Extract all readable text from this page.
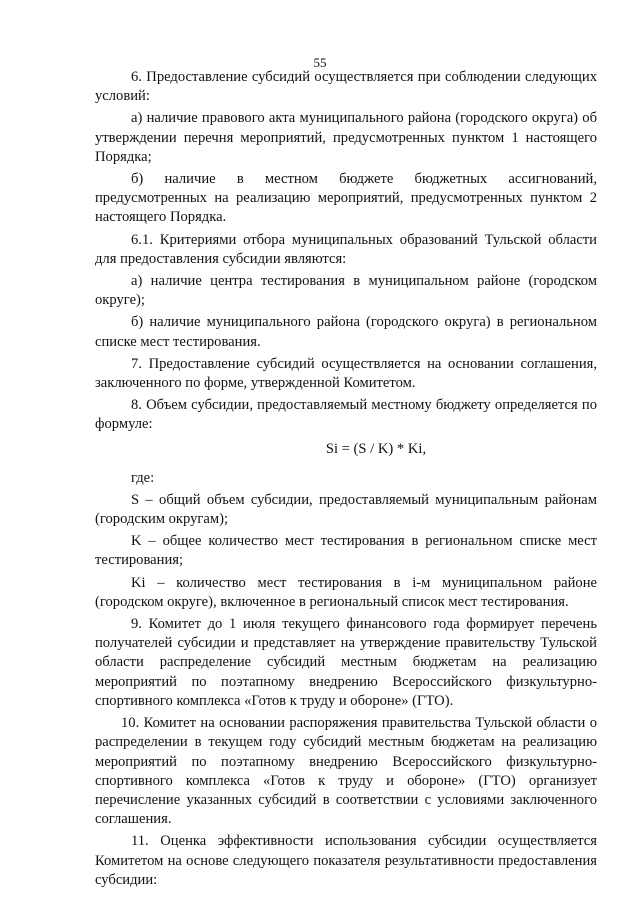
55

6. Предоставление субсидий осуществляется при соблюдении следующих условий:

а) наличие правового акта муниципального района (городского округа) об утверждении перечня мероприятий, предусмотренных пунктом 1 настоящего Порядка;

б) наличие в местном бюджете бюджетных ассигнований, предусмотренных на реализацию мероприятий, предусмотренных пунктом 2 настоящего Порядка.

6.1. Критериями отбора муниципальных образований Тульской области для предоставления субсидии являются:

а) наличие центра тестирования в муниципальном районе (городском округе);

б) наличие муниципального района (городского округа) в региональном списке мест тестирования.

7. Предоставление субсидий осуществляется на основании соглашения, заключенного по форме, утвержденной Комитетом.

8. Объем субсидии, предоставляемый местному бюджету определяется по формуле:

Si = (S / K) * Ki,

где:

S – общий объем субсидии, предоставляемый муниципальным районам (городским округам);

K – общее количество мест тестирования в региональном списке мест тестирования;

Ki – количество мест тестирования в i-м муниципальном районе (городском округе), включенное в региональный список мест тестирования.

9. Комитет до 1 июля текущего финансового года формирует перечень получателей субсидии и представляет на утверждение правительству Тульской области распределение субсидий местным бюджетам на реализацию мероприятий по поэтапному внедрению Всероссийского физкультурно-спортивного комплекса «Готов к труду и обороне» (ГТО).

10. Комитет на основании распоряжения правительства Тульской области о распределении в текущем году субсидий местным бюджетам на реализацию мероприятий по поэтапному внедрению Всероссийского физкультурно-спортивного комплекса «Готов к труду и обороне» (ГТО) организует перечисление указанных субсидий в соответствии с условиями заключенного соглашения.

11. Оценка эффективности использования субсидии осуществляется Комитетом на основе следующего показателя результативности предоставления субсидии:
